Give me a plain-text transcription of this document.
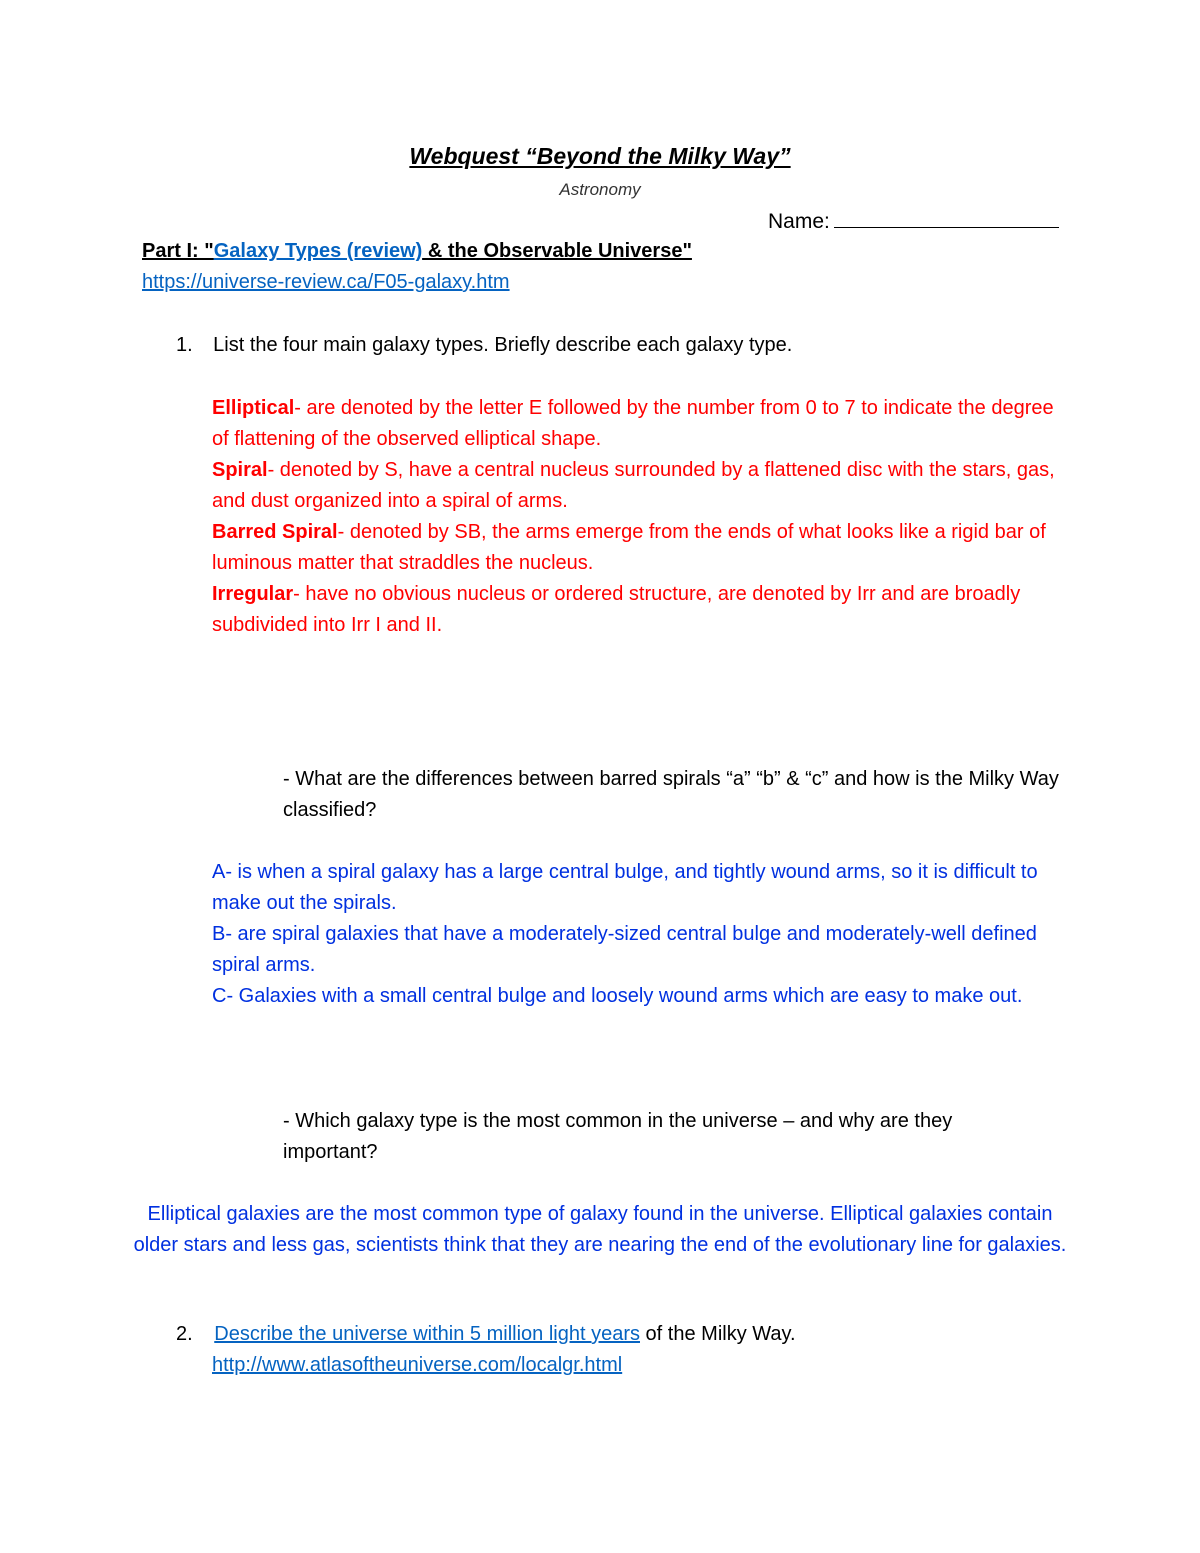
Webquest “Beyond the Milky Way”
Astronomy
Name:
Part I: "Galaxy Types (review) & the Observable Universe"
https://universe-review.ca/F05-galaxy.htm
1. List the four main galaxy types. Briefly describe each galaxy type.
Elliptical- are denoted by the letter E followed by the number from 0 to 7 to indicate the degree of flattening of the observed elliptical shape.
Spiral- denoted by S, have a central nucleus surrounded by a flattened disc with the stars, gas, and dust organized into a spiral of arms.
Barred Spiral- denoted by SB, the arms emerge from the ends of what looks like a rigid bar of luminous matter that straddles the nucleus.
Irregular- have no obvious nucleus or ordered structure, are denoted by Irr and are broadly subdivided into Irr I and II.
- What are the differences between barred spirals “a” “b” & “c” and how is the Milky Way classified?
A- is when a spiral galaxy has a large central bulge, and tightly wound arms, so it is difficult to make out the spirals.
B- are spiral galaxies that have a moderately-sized central bulge and moderately-well defined spiral arms.
C- Galaxies with a small central bulge and loosely wound arms which are easy to make out.
- Which galaxy type is the most common in the universe – and why are they important?
Elliptical galaxies are the most common type of galaxy found in the universe. Elliptical galaxies contain older stars and less gas, scientists think that they are nearing the end of the evolutionary line for galaxies.
2. Describe the universe within 5 million light years of the Milky Way.
http://www.atlasoftheuniverse.com/localgr.html
